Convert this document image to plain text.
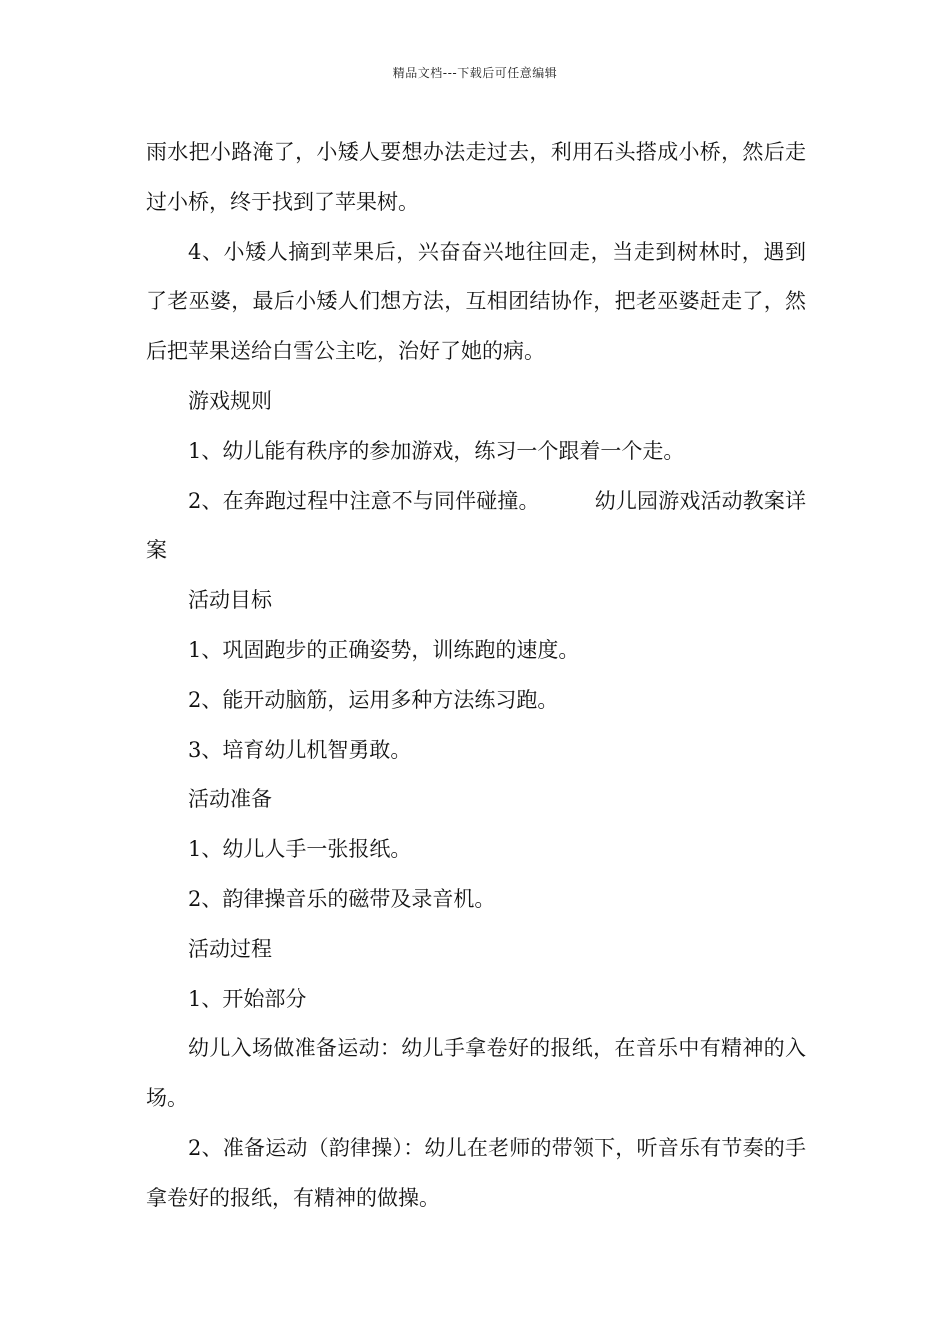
精品文档---下载后可任意编辑

雨水把小路淹了，小矮人要想办法走过去，利用石头搭成小桥，然后走过小桥，终于找到了苹果树。

4、小矮人摘到苹果后，兴奋奋兴地往回走，当走到树林时，遇到了老巫婆，最后小矮人们想方法，互相团结协作，把老巫婆赶走了，然后把苹果送给白雪公主吃，治好了她的病。

游戏规则

1、幼儿能有秩序的参加游戏，练习一个跟着一个走。

2、在奔跑过程中注意不与同伴碰撞。	幼儿园游戏活动教案详案

活动目标

1、巩固跑步的正确姿势，训练跑的速度。

2、能开动脑筋，运用多种方法练习跑。

3、培育幼儿机智勇敢。

活动准备

1、幼儿人手一张报纸。

2、韵律操音乐的磁带及录音机。

活动过程

1、开始部分

幼儿入场做准备运动：幼儿手拿卷好的报纸，在音乐中有精神的入场。

2、准备运动（韵律操）：幼儿在老师的带领下，听音乐有节奏的手拿卷好的报纸，有精神的做操。
